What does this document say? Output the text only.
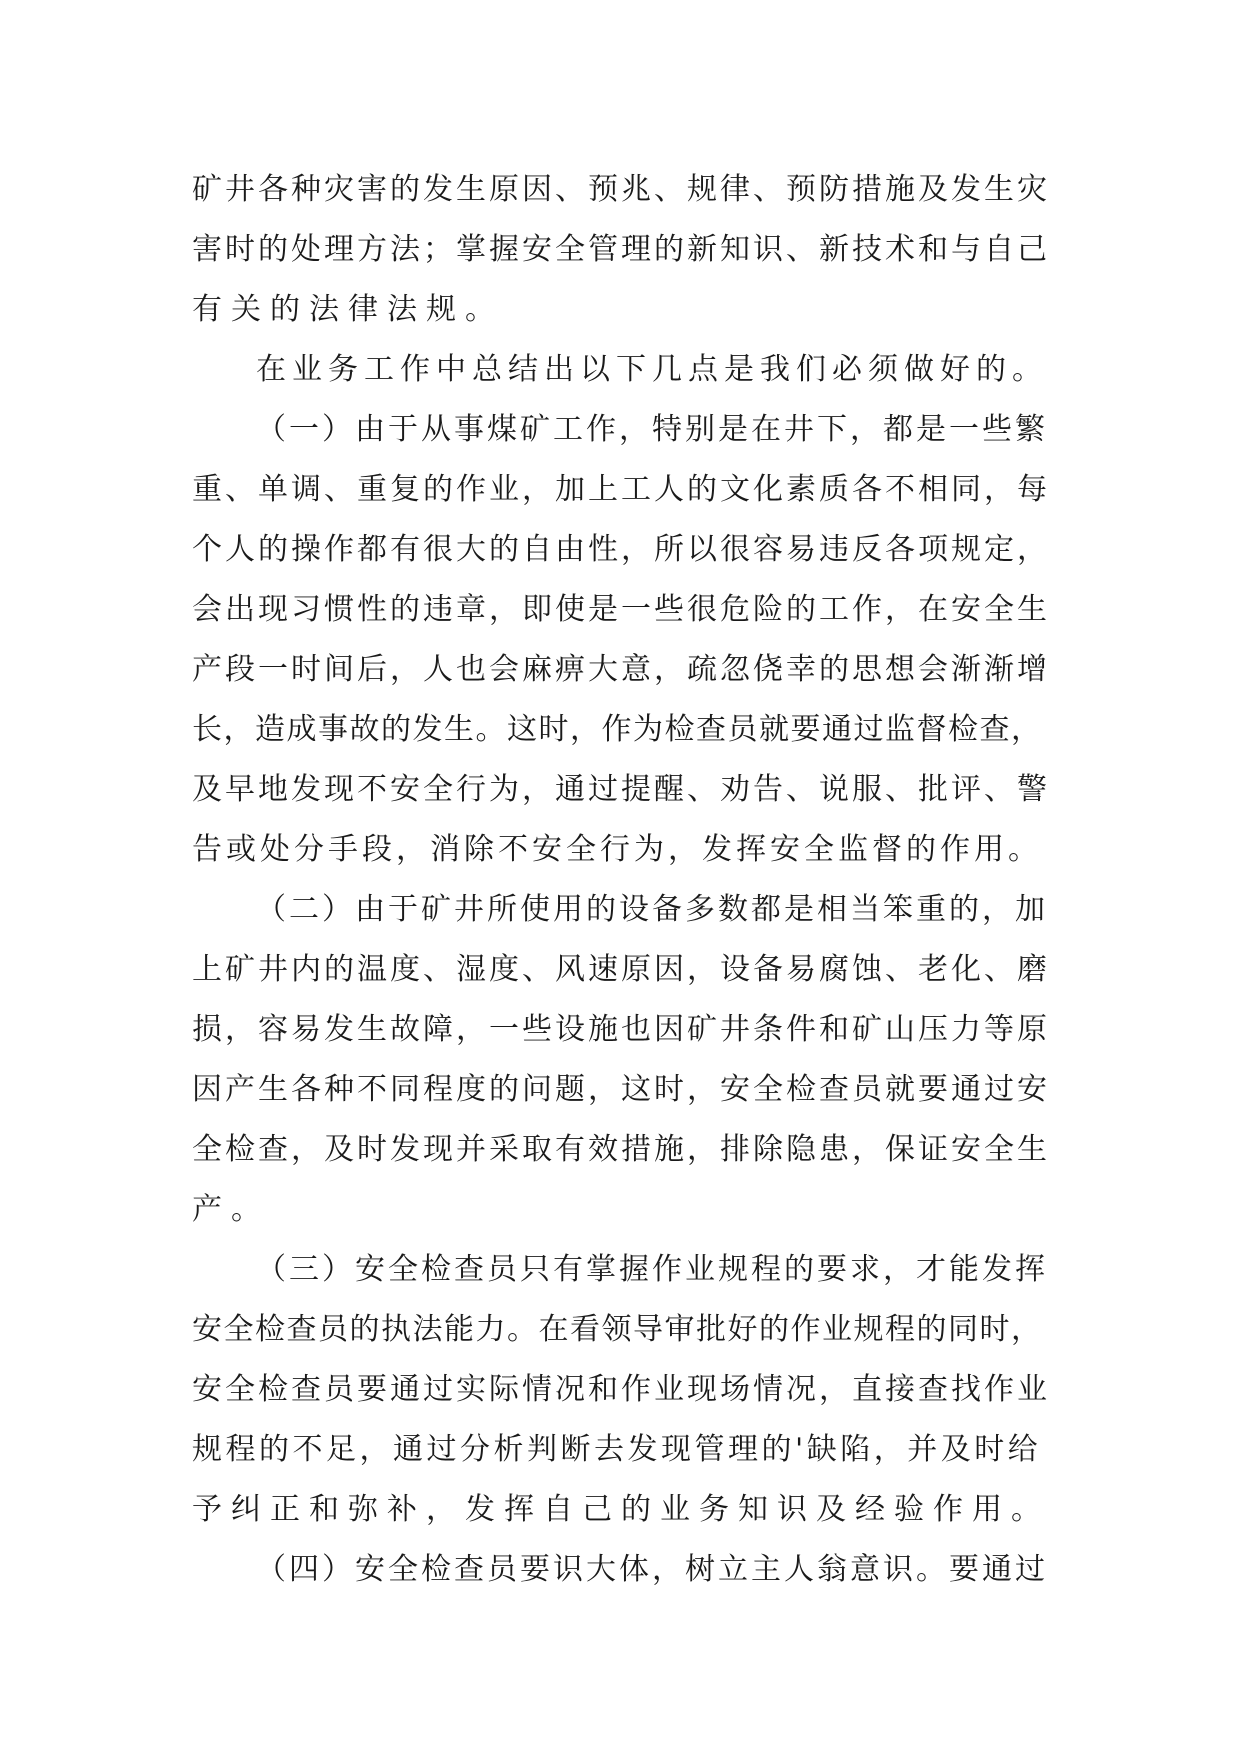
矿井各种灾害的发生原因、预兆、规律、预防措施及发生灾
害时的处理方法；掌握安全管理的新知识、新技术和与自己
有关的法律法规。
在业务工作中总结出以下几点是我们必须做好的。
（一）由于从事煤矿工作，特别是在井下，都是一些繁
重、单调、重复的作业，加上工人的文化素质各不相同，每
个人的操作都有很大的自由性，所以很容易违反各项规定，
会出现习惯性的违章，即使是一些很危险的工作，在安全生
产段一时间后，人也会麻痹大意，疏忽侥幸的思想会渐渐增
长，造成事故的发生。这时，作为检查员就要通过监督检查，
及早地发现不安全行为，通过提醒、劝告、说服、批评、警
告或处分手段，消除不安全行为，发挥安全监督的作用。
（二）由于矿井所使用的设备多数都是相当笨重的，加
上矿井内的温度、湿度、风速原因，设备易腐蚀、老化、磨
损，容易发生故障，一些设施也因矿井条件和矿山压力等原
因产生各种不同程度的问题，这时，安全检查员就要通过安
全检查，及时发现并采取有效措施，排除隐患，保证安全生
产。
（三）安全检查员只有掌握作业规程的要求，才能发挥
安全检查员的执法能力。在看领导审批好的作业规程的同时，
安全检查员要通过实际情况和作业现场情况，直接查找作业
规程的不足，通过分析判断去发现管理的'缺陷，并及时给
予纠正和弥补，发挥自己的业务知识及经验作用。
（四）安全检查员要识大体，树立主人翁意识。要通过
